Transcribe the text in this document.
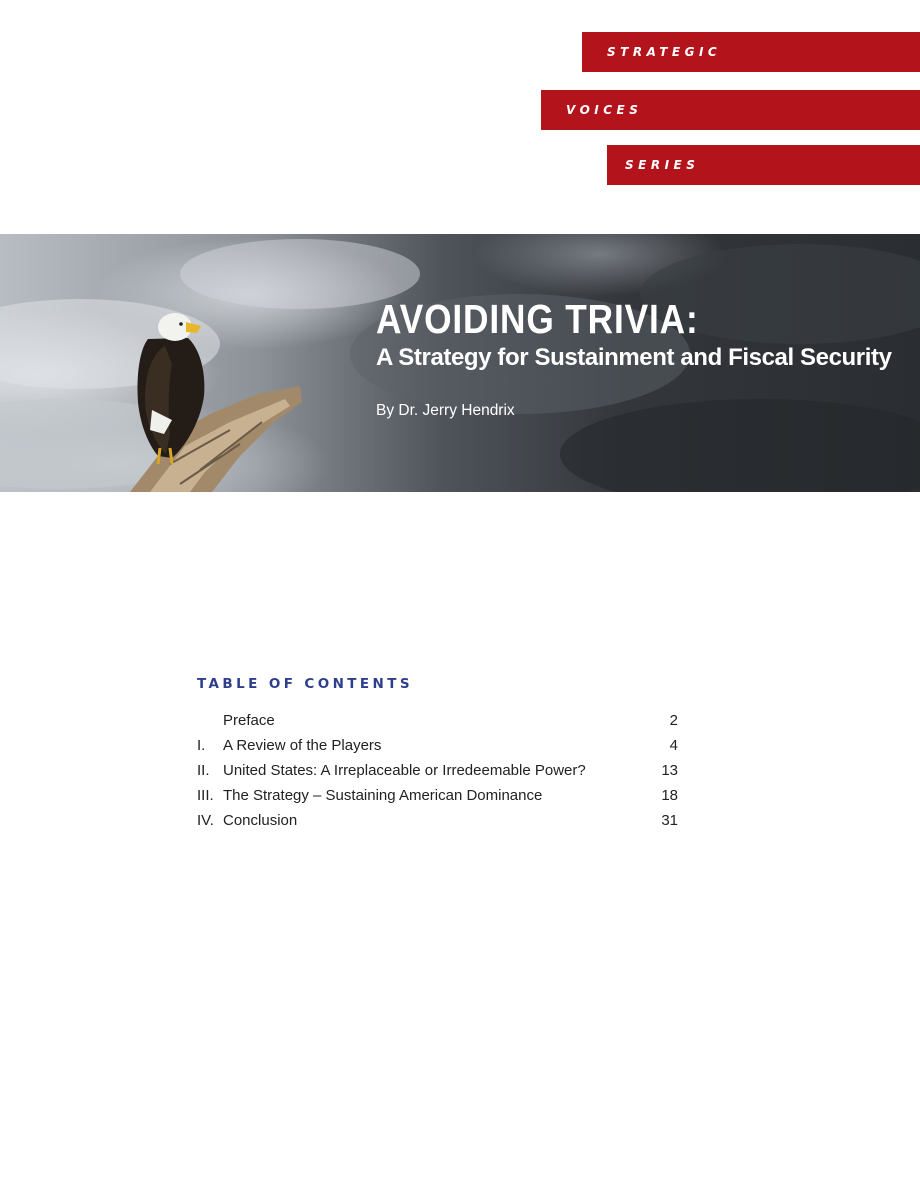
STRATEGIC
VOICES
SERIES
AVOIDING TRIVIA:
A Strategy for Sustainment and Fiscal Security
By Dr. Jerry Hendrix
TABLE OF CONTENTS
Preface	2
I. A Review of the Players	4
II. United States: A Irreplaceable or Irredeemable Power?	13
III. The Strategy – Sustaining American Dominance	18
IV. Conclusion	31
